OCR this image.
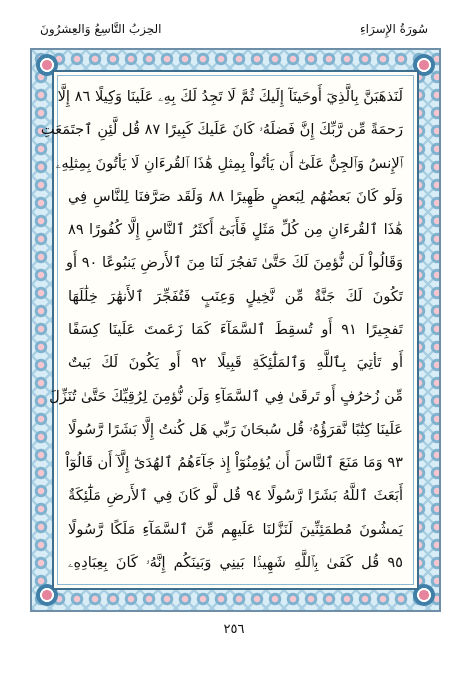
سُورَةُ الإِسرَاءِ
الحِزبُ التَّاسِعُ وَالعِشرُونَ
لَنَذهَبَنَّ بِالَّذِيٓ أَوحَينَآ إِلَيكَ ثُمَّ لَا تَجِدُ لَكَ بِهِۦ عَلَينَا وَكِيلًا ٨٦ إِلَّا
رَحمَةً مِّن رَّبِّكَ إِنَّ فَضلَهُۥ كَانَ عَلَيكَ كَبِيرًا ٨٧ قُل لَّئِنِ ٱجتَمَعَتِ
ٱلإِنسُ وَٱلجِنُّ عَلَىٰٓ أَن يَأتُواْ بِمِثلِ هَٰذَا ٱلقُرءَانِ لَا يَأتُونَ بِمِثلِهِۦ
وَلَو كَانَ بَعضُهُم لِبَعضٍ ظَهِيرًا ٨٨ وَلَقَد صَرَّفنَا لِلنَّاسِ فِي
هَٰذَا ٱلقُرءَانِ مِن كُلِّ مَثَلٍ فَأَبَىٰٓ أَكثَرُ ٱلنَّاسِ إِلَّا كُفُورًا ٨٩
وَقَالُواْ لَن نُّؤمِنَ لَكَ حَتَّىٰ تَفجُرَ لَنَا مِنَ ٱلأَرضِ يَنبُوعًا ٩٠ أَو
تَكُونَ لَكَ جَنَّةٌ مِّن نَّخِيلٍ وَعِنَبٍ فَتُفَجِّرَ ٱلأَنهَٰرَ خِلَٰلَهَا
تَفجِيرًا ٩١ أَو تُسقِطَ ٱلسَّمَآءَ كَمَا زَعَمتَ عَلَينَا كِسَفًا
أَو تَأتِيَ بِٱللَّهِ وَٱلمَلَٰٓئِكَةِ قَبِيلًا ٩٢ أَو يَكُونَ لَكَ بَيتٌ
مِّن زُخرُفٍ أَو تَرقَىٰ فِي ٱلسَّمَآءِ وَلَن نُّؤمِنَ لِرُقِيِّكَ حَتَّىٰ تُنَزِّلَ
عَلَينَا كِتَٰبًا نَّقرَؤُهُۥ قُل سُبحَانَ رَبِّي هَل كُنتُ إِلَّا بَشَرًا رَّسُولًا
٩٣ وَمَا مَنَعَ ٱلنَّاسَ أَن يُؤمِنُوٓاْ إِذ جَآءَهُمُ ٱلهُدَىٰٓ إِلَّآ أَن قَالُوٓاْ
أَبَعَثَ ٱللَّهُ بَشَرًا رَّسُولًا ٩٤ قُل لَّو كَانَ فِي ٱلأَرضِ مَلَٰٓئِكَةٌ
يَمشُونَ مُطمَئِنِّينَ لَنَزَّلنَا عَلَيهِم مِّنَ ٱلسَّمَآءِ مَلَكًا رَّسُولًا
٩٥ قُل كَفَىٰ بِٱللَّهِ شَهِيدَۢا بَينِي وَبَينَكُم إِنَّهُۥ كَانَ بِعِبَادِهِۦ
٢٥٦
